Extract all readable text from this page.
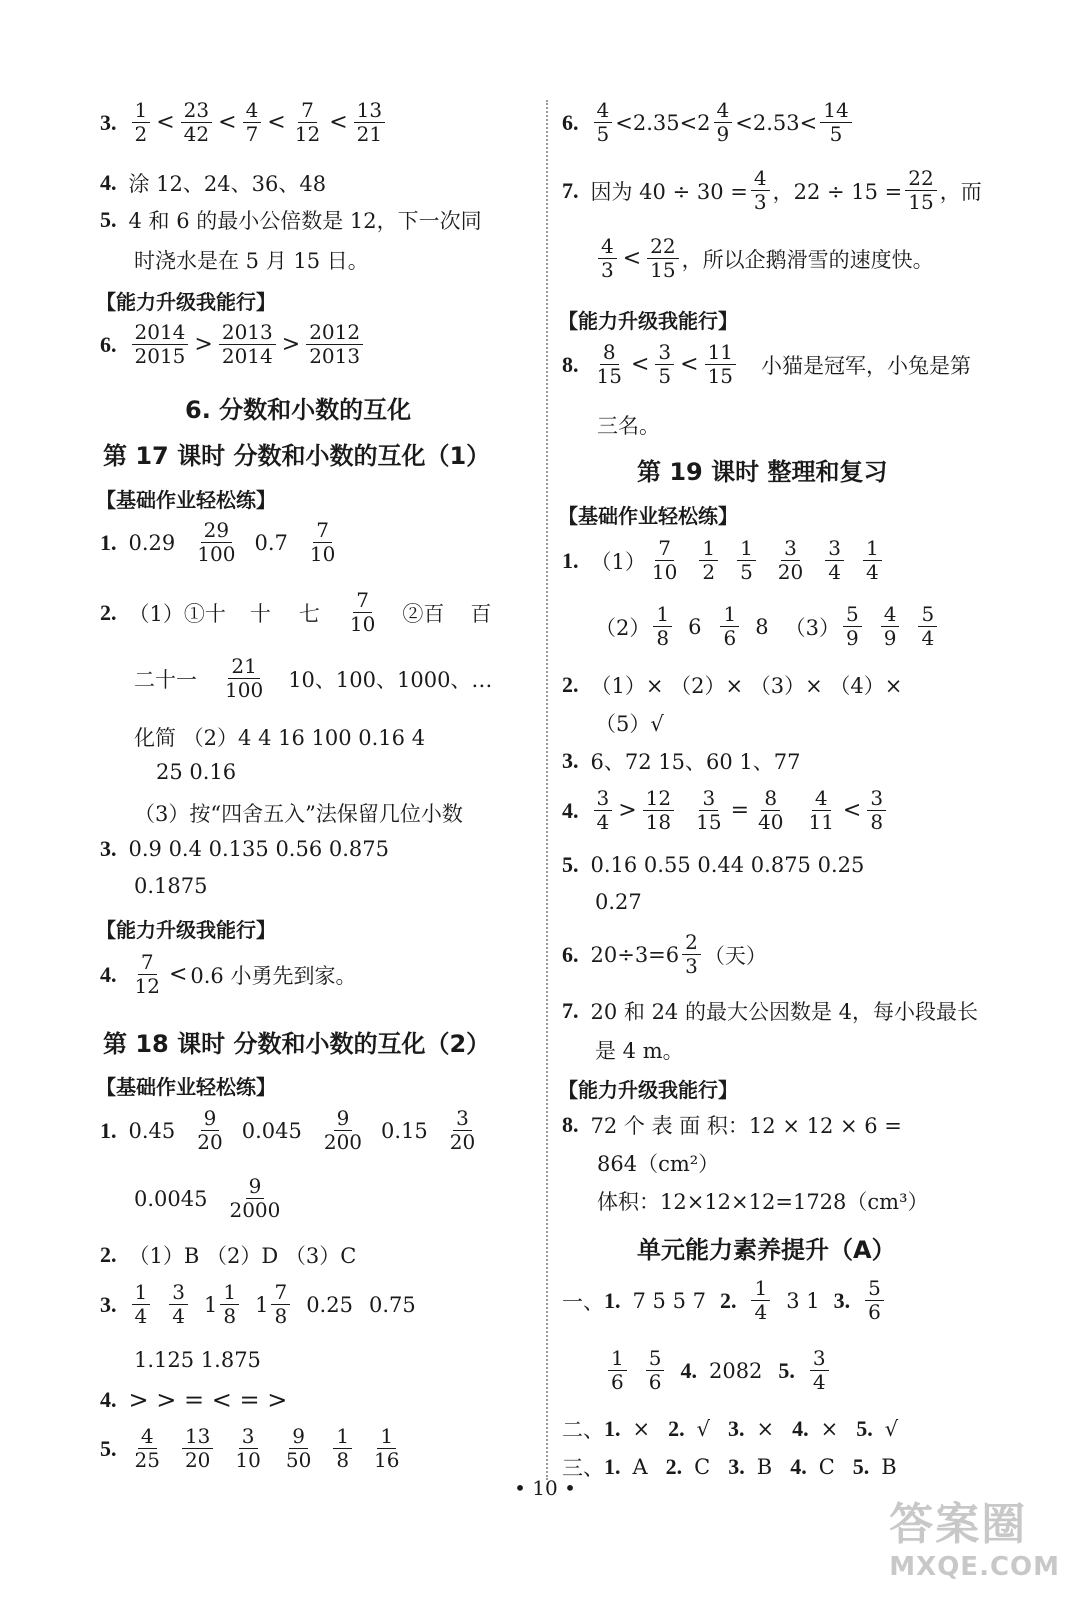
3. 1
2 < 23
42 < 4
7 < 7
12 < 13
21
4. 涂 12、24、36、48
5. 4 和 6 的最小公倍数是 12，下一次同
时浇水是在 5 月 15 日。
【能力升级我能行】
6. 2014
2015 > 2013
2014 > 2012
2013
6. 分数和小数的互化
第 17 课时 分数和小数的互化（1）
【基础作业轻松练】
1. 0.29
29
100 0.7
7
10
2. （1）①十 十 七
7
10 ②百 百
二十一
21
100 10、100、1000、…
化简 （2）4 4 16 100 0.16 4
25 0.16
（3）按“四舍五入”法保留几位小数
3. 0.9 0.4 0.135 0.56 0.875
0.1875
【能力升级我能行】
4. 7
12 < 0.6 小勇先到家。
第 18 课时 分数和小数的互化（2）
【基础作业轻松练】
1. 0.45
9
20 0.045
9
200 0.15
3
20
0.0045
9
2000
2. （1）B （2）D （3）C
3. 1
4
3
4 1
1
8 1
7
8 0.25 0.75
1.125 1.875
4. > > = < = >
5. 4
25
13
20
3
10
9
50
1
8
1
16
6. 4
5 <2.35<2
4
9 <2.53<
14
5
7. 因为 $40 \div 30 = \frac{4}{3}$ ，$22 \div 15 = \frac{22}{15}$ ，而
4
3 < 22
15 ，所以企鹅滑雪的速度快。
【能力升级我能行】
8. 8
15 < 3
5 < 11
15 小猫是冠军，小兔是第
三名。
第 19 课时 整理和复习
【基础作业轻松练】
1. （1）
7
10
1
2
1
5
3
20
3
4
1
4
（2）
1
8 6
1
6 8 （3）
5
9
4
9
5
4
2. （1）× （2）× （3）× （4）×
（5）√
3. 6、72 15、60 1、77
4. 3
4 > 12
$18 \frac{3}{15} = \frac{8}{40} 4$
11 < 3
8
5. 0.16 0.55 0.44 0.875 0.25
0.27
6. 20÷3=6
2
3 （天）
7. 20 和 24 的最大公因数是 4，每小段最长
是 4 m。
【能力升级我能行】
8. 72 个 表 面 积：12 × 12 × 6 =
864（cm²）
体积：12×12×12=1728（cm³）
单元能力素养提升（A）
一、 1. 7 5 5 7 2. 1
4 3 1 3. 5
6
1
6
5
6 4. 2082 5. 3
4
二、 1. × 2. √ 3. × 4. × 5. √
三、 1. A 2. C 3. B 4. C 5. B
• 10 •
答案圈
MXQE.COM
